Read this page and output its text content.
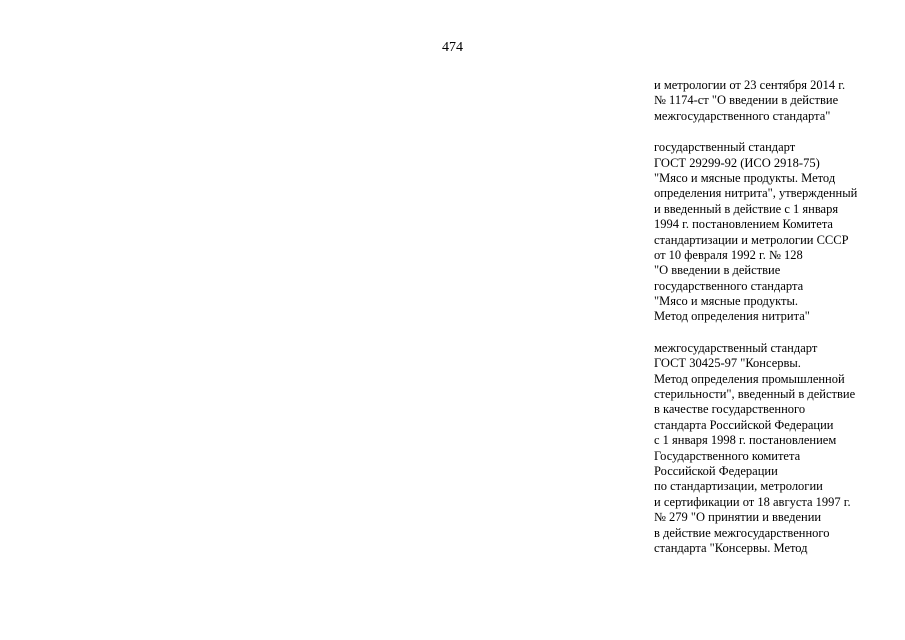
474
и метрологии от 23 сентября 2014 г.
№ 1174-ст "О введении в действие
межгосударственного стандарта"
государственный стандарт
ГОСТ 29299-92 (ИСО 2918-75)
"Мясо и мясные продукты. Метод
определения нитрита", утвержденный
и введенный в действие с 1 января
1994 г. постановлением Комитета
стандартизации и метрологии СССР
от 10 февраля 1992 г. № 128
"О введении в действие
государственного стандарта
"Мясо и мясные продукты.
Метод определения нитрита"
межгосударственный стандарт
ГОСТ 30425-97 "Консервы.
Метод определения промышленной
стерильности", введенный в действие
в качестве государственного
стандарта Российской Федерации
с 1 января 1998 г. постановлением
Государственного комитета
Российской Федерации
по стандартизации, метрологии
и сертификации от 18 августа 1997 г.
№ 279 "О принятии и введении
в действие межгосударственного
стандарта "Консервы. Метод
